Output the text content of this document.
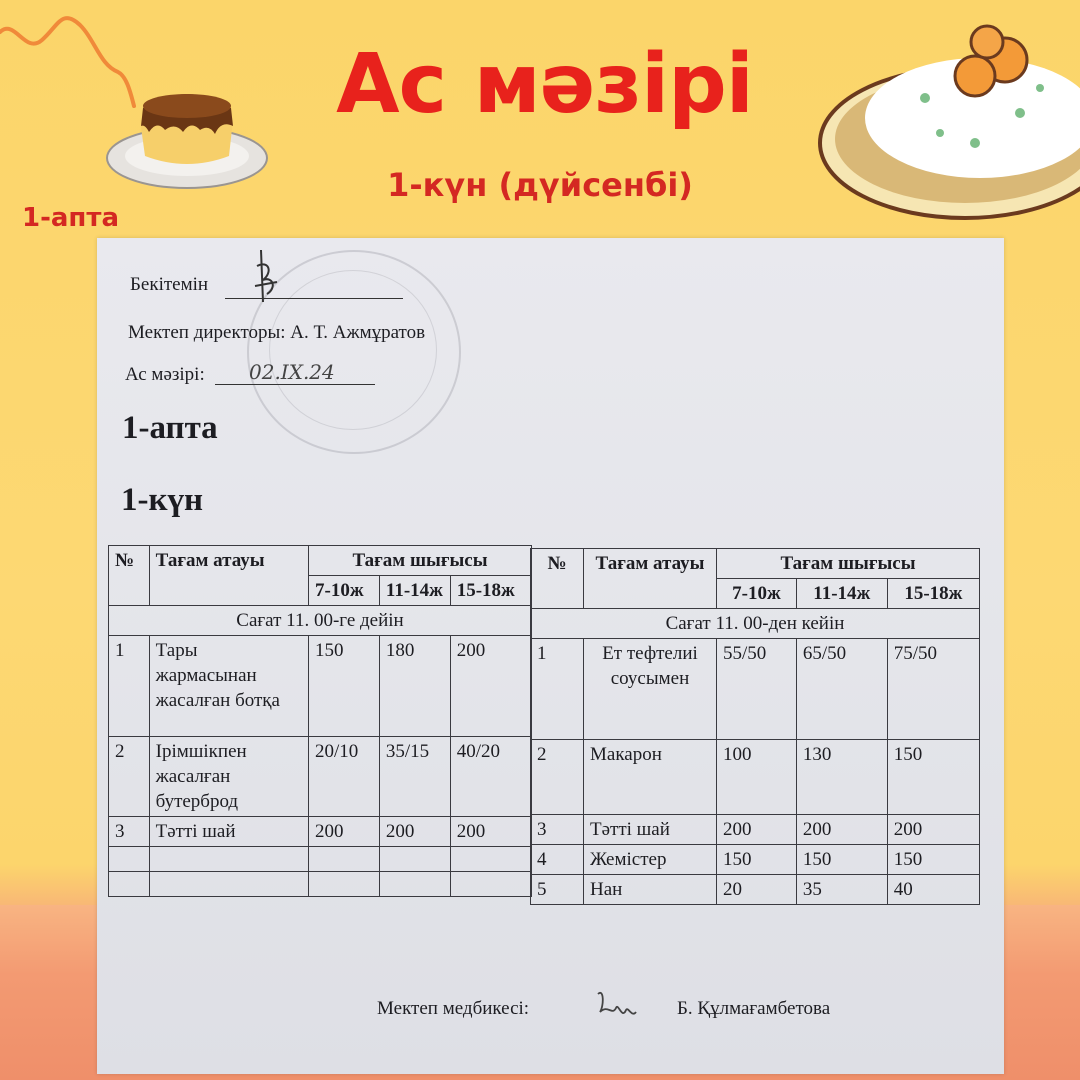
Ас мәзірі
1-күн (дүйсенбі)
1-апта
Бекітемін
Мектеп директоры: А. Т. Ажмұратов
Ас мәзірі: 02.IX.24
1-апта
1-күн
№	Тағам атауы	Тағам шығысы		
		7-10ж	11-14ж	15-18ж
Сағат 11. 00-ге дейін				
1	Тары жармасынан жасалған ботқа	150	180	200
2	Ірімшікпен жасалған бутерброд	20/10	35/15	40/20
3	Тәтті шай	200	200	200

№	Тағам атауы	Тағам шығысы		
		7-10ж	11-14ж	15-18ж
Сағат 11. 00-ден кейін				
1	Ет тефтелиі соусымен	55/50	65/50	75/50
2	Макарон	100	130	150
3	Тәтті шай	200	200	200
4	Жемістер	150	150	150
5	Нан	20	35	40
Мектеп медбикесі:	Б. Құлмағамбетова
